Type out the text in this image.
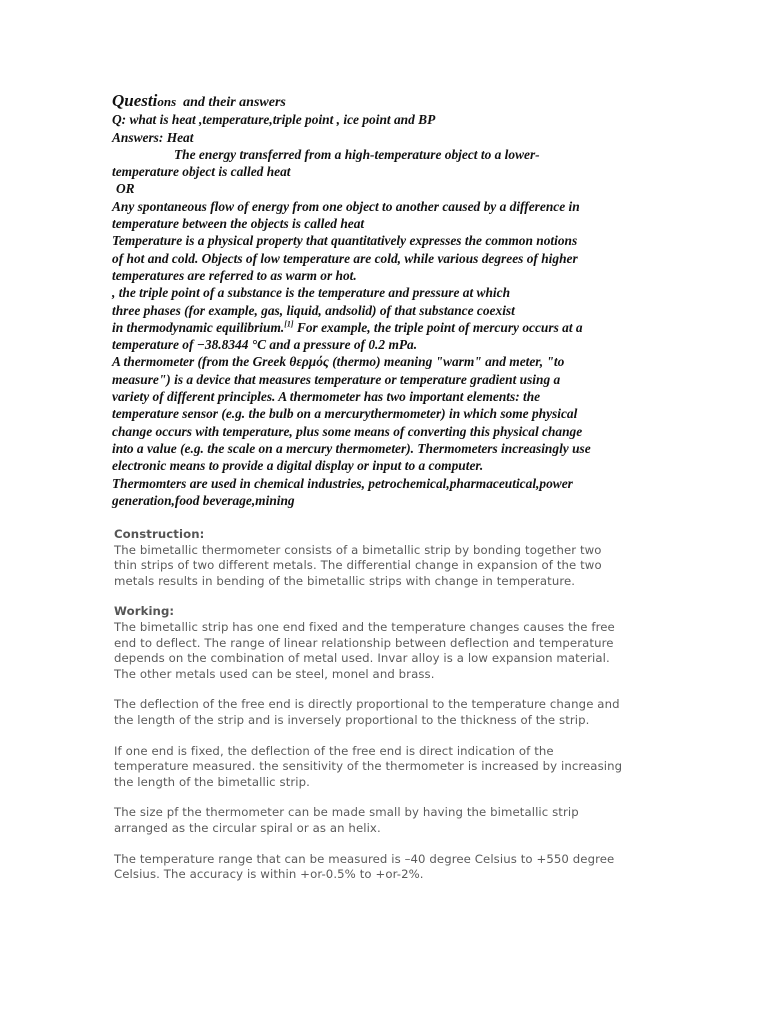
Questions and their answers
Q: what is heat ,temperature,triple point , ice point and BP
Answers: Heat
The energy transferred from a high-temperature object to a lower-
temperature object is called heat
OR
Any spontaneous flow of energy from one object to another caused by a difference in
temperature between the objects is called heat
Temperature is a physical property that quantitatively expresses the common notions
of hot and cold. Objects of low temperature are cold, while various degrees of higher
temperatures are referred to as warm or hot.
, the triple point of a substance is the temperature and pressure at which
three phases (for example, gas, liquid, andsolid) of that substance coexist
in thermodynamic equilibrium.[1] For example, the triple point of mercury occurs at a
temperature of −38.8344 °C and a pressure of 0.2 mPa.
A thermometer (from the Greek θερμός (thermo) meaning "warm" and meter, "to
measure") is a device that measures temperature or temperature gradient using a
variety of different principles. A thermometer has two important elements: the
temperature sensor (e.g. the bulb on a mercurythermometer) in which some physical
change occurs with temperature, plus some means of converting this physical change
into a value (e.g. the scale on a mercury thermometer). Thermometers increasingly use
electronic means to provide a digital display or input to a computer.
Thermomters are used in chemical industries, petrochemical,pharmaceutical,power
generation,food beverage,mining
Construction:
The bimetallic thermometer consists of a bimetallic strip by bonding together two
thin strips of two different metals. The differential change in expansion of the two
metals results in bending of the bimetallic strips with change in temperature.
Working:
The bimetallic strip has one end fixed and the temperature changes causes the free
end to deflect. The range of linear relationship between deflection and temperature
depends on the combination of metal used. Invar alloy is a low expansion material.
The other metals used can be steel, monel and brass.
The deflection of the free end is directly proportional to the temperature change and
the length of the strip and is inversely proportional to the thickness of the strip.
If one end is fixed, the deflection of the free end is direct indication of the
temperature measured. the sensitivity of the thermometer is increased by increasing
the length of the bimetallic strip.
The size pf the thermometer can be made small by having the bimetallic strip
arranged as the circular spiral or as an helix.
The temperature range that can be measured is –40 degree Celsius to +550 degree
Celsius. The accuracy is within +or-0.5% to +or-2%.
